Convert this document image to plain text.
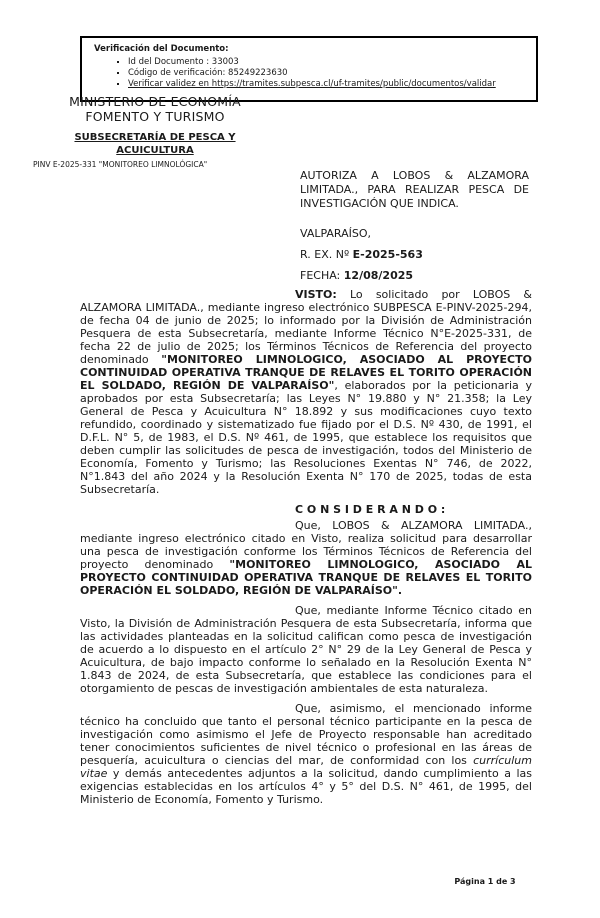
Verificación del Documento:
▪ Id del Documento : 33003
▪ Código de verificación: 85249223630
▪ Verificar validez en https://tramites.subpesca.cl/uf-tramites/public/documentos/validar
MINISTERIO DE ECONOMÍA
FOMENTO Y TURISMO
SUBSECRETARÍA DE PESCA Y
ACUICULTURA
PINV E-2025-331 "MONITOREO LIMNOLÓGICA"
AUTORIZA A LOBOS & ALZAMORA LIMITADA., PARA REALIZAR PESCA DE INVESTIGACIÓN QUE INDICA.
VALPARAÍSO,
R. EX. Nº E-2025-563
FECHA: 12/08/2025

VISTO: Lo solicitado por LOBOS & ALZAMORA LIMITADA., mediante ingreso electrónico SUBPESCA E-PINV-2025-294, de fecha 04 de junio de 2025; lo informado por la División de Administración Pesquera de esta Subsecretaría, mediante Informe Técnico N°E-2025-331, de fecha 22 de julio de 2025; los Términos Técnicos de Referencia del proyecto denominado "MONITOREO LIMNOLOGICO, ASOCIADO AL PROYECTO CONTINUIDAD OPERATIVA TRANQUE DE RELAVES EL TORITO OPERACIÓN EL SOLDADO, REGIÓN DE VALPARAÍSO", elaborados por la peticionaria y aprobados por esta Subsecretaría; las Leyes N° 19.880 y N° 21.358; la Ley General de Pesca y Acuicultura N° 18.892 y sus modificaciones cuyo texto refundido, coordinado y sistematizado fue fijado por el D.S. Nº 430, de 1991, el D.F.L. N° 5, de 1983, el D.S. Nº 461, de 1995, que establece los requisitos que deben cumplir las solicitudes de pesca de investigación, todos del Ministerio de Economía, Fomento y Turismo; las Resoluciones Exentas N° 746, de 2022, N°1.843 del año 2024 y la Resolución Exenta N° 170 de 2025, todas de esta Subsecretaría.

C O N S I D E R A N D O :

Que, LOBOS & ALZAMORA LIMITADA., mediante ingreso electrónico citado en Visto, realiza solicitud para desarrollar una pesca de investigación conforme los Términos Técnicos de Referencia del proyecto denominado "MONITOREO LIMNOLOGICO, ASOCIADO AL PROYECTO CONTINUIDAD OPERATIVA TRANQUE DE RELAVES EL TORITO OPERACIÓN EL SOLDADO, REGIÓN DE VALPARAÍSO".

Que, mediante Informe Técnico citado en Visto, la División de Administración Pesquera de esta Subsecretaría, informa que las actividades planteadas en la solicitud califican como pesca de investigación de acuerdo a lo dispuesto en el artículo 2° N° 29 de la Ley General de Pesca y Acuicultura, de bajo impacto conforme lo señalado en la Resolución Exenta N° 1.843 de 2024, de esta Subsecretaría, que establece las condiciones para el otorgamiento de pescas de investigación ambientales de esta naturaleza.

Que, asimismo, el mencionado informe técnico ha concluido que tanto el personal técnico participante en la pesca de investigación como asimismo el Jefe de Proyecto responsable han acreditado tener conocimientos suficientes de nivel técnico o profesional en las áreas de pesquería, acuicultura o ciencias del mar, de conformidad con los currículum vitae y demás antecedentes adjuntos a la solicitud, dando cumplimiento a las exigencias establecidas en los artículos 4° y 5° del D.S. N° 461, de 1995, del Ministerio de Economía, Fomento y Turismo.

Página 1 de 3
